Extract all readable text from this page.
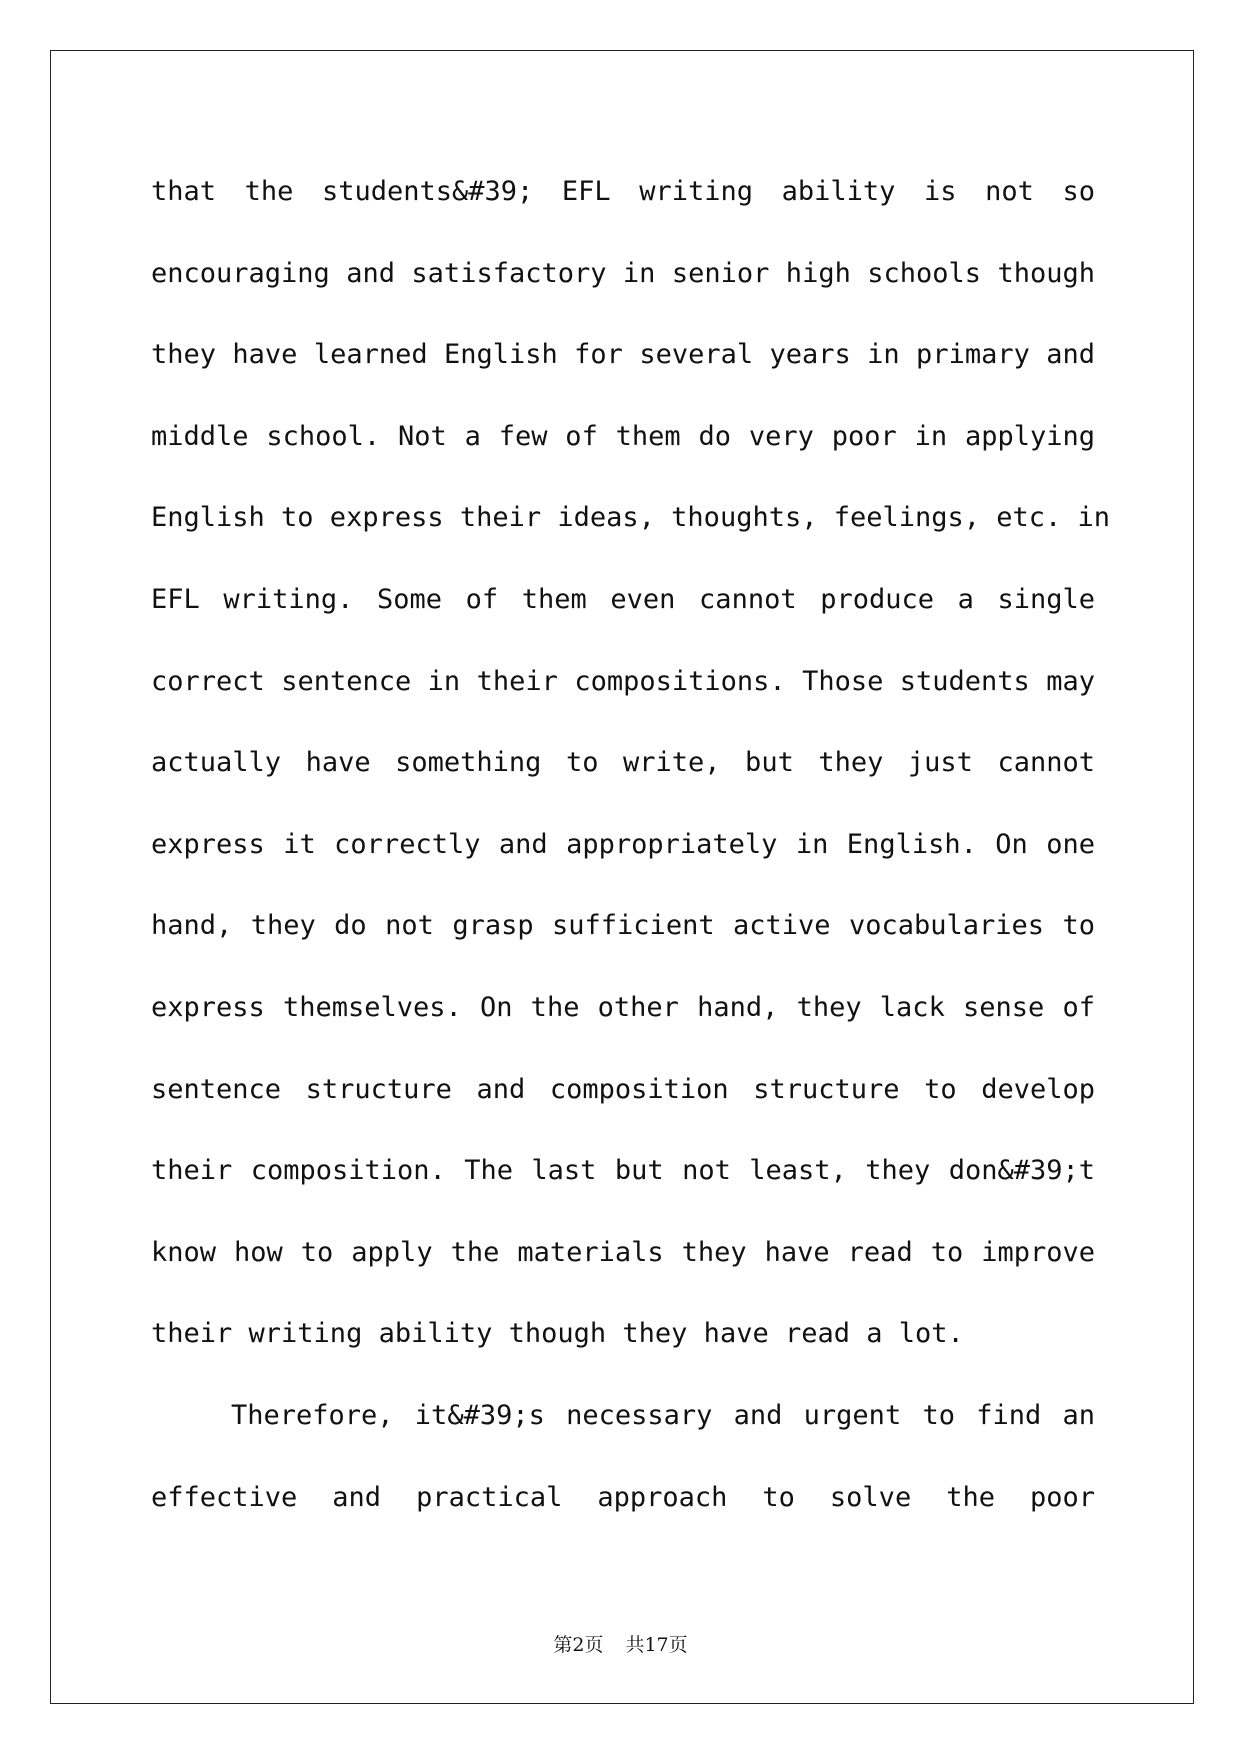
that the students&#39; EFL writing ability is not so
encouraging and satisfactory in senior high schools though
they have learned English for several years in primary and
middle school. Not a few of them do very poor in applying
English to express their ideas, thoughts, feelings, etc. in
EFL writing. Some of them even cannot produce a single
correct sentence in their compositions. Those students may
actually have something to write, but they just cannot
express it correctly and appropriately in English. On one
hand, they do not grasp sufficient active vocabularies to
express themselves. On the other hand, they lack sense of
sentence structure and composition structure to develop
their composition. The last but not least, they don&#39;t
know how to apply the materials they have read to improve
their writing ability though they have read a lot.
Therefore, it&#39;s necessary and urgent to find an
effective and practical approach to solve the poor
第2页 共17页
